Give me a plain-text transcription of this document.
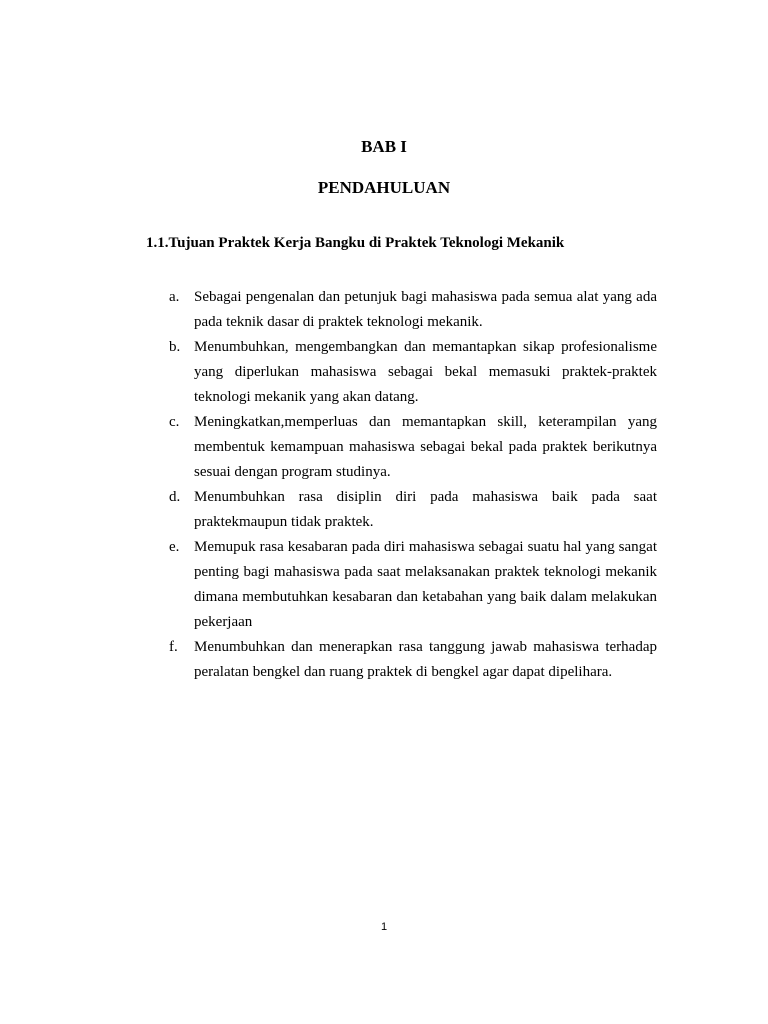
BAB I
PENDAHULUAN
1.1.Tujuan Praktek Kerja Bangku di Praktek Teknologi Mekanik
a. Sebagai pengenalan dan petunjuk bagi mahasiswa pada semua alat yang ada pada teknik dasar di praktek teknologi mekanik.
b. Menumbuhkan, mengembangkan dan memantapkan sikap profesionalisme yang diperlukan mahasiswa sebagai bekal memasuki praktek-praktek teknologi mekanik yang akan datang.
c. Meningkatkan,memperluas dan memantapkan skill, keterampilan yang membentuk kemampuan mahasiswa sebagai bekal pada praktek berikutnya sesuai dengan program studinya.
d. Menumbuhkan rasa disiplin diri pada mahasiswa baik pada saat praktekmaupun tidak praktek.
e. Memupuk rasa kesabaran pada diri mahasiswa sebagai suatu hal yang sangat penting bagi mahasiswa pada saat melaksanakan praktek teknologi mekanik dimana membutuhkan kesabaran dan ketabahan yang baik dalam melakukan pekerjaan
f. Menumbuhkan dan menerapkan rasa tanggung jawab mahasiswa terhadap peralatan bengkel dan ruang praktek di bengkel agar dapat dipelihara.
1
